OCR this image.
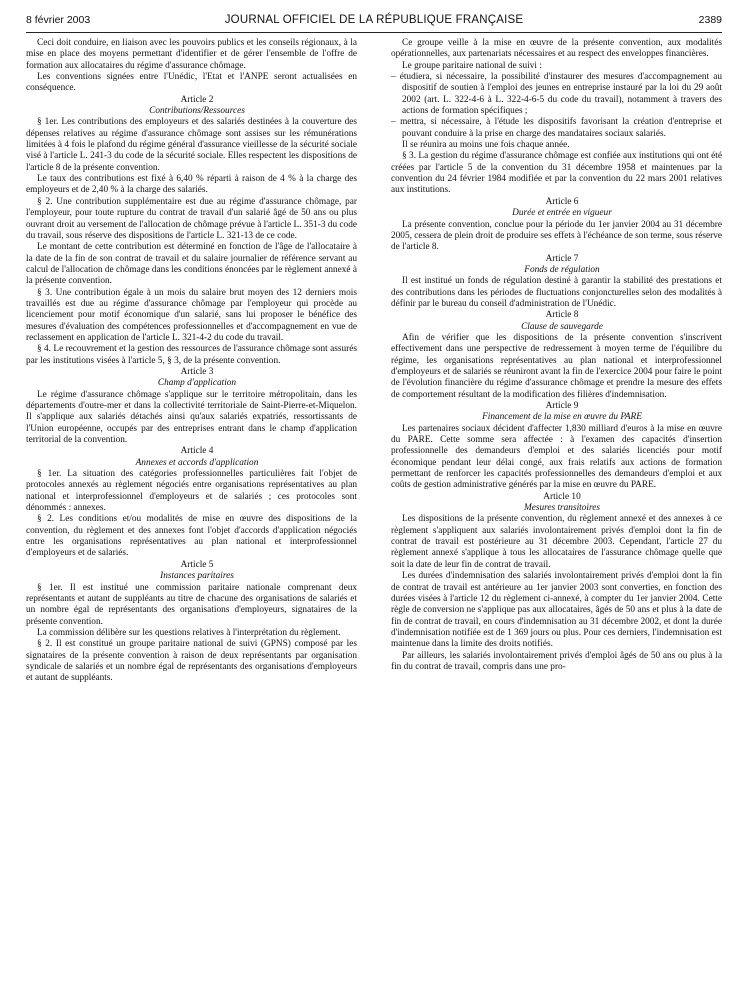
8 février 2003	JOURNAL OFFICIEL DE LA RÉPUBLIQUE FRANÇAISE	2389

Ceci doit conduire, en liaison avec les pouvoirs publics et les conseils régionaux, à la mise en place des moyens permettant d'identifier et de gérer l'ensemble de l'offre de formation aux allocataires du régime d'assurance chômage.

Les conventions signées entre l'Unédic, l'Etat et l'ANPE seront actualisées en conséquence.

Article 2

Contributions/Ressources

§ 1er. Les contributions des employeurs et des salariés destinées à la couverture des dépenses relatives au régime d'assurance chômage sont assises sur les rémunérations limitées à 4 fois le plafond du régime général d'assurance vieillesse de la sécurité sociale visé à l'article L. 241-3 du code de la sécurité sociale. Elles respectent les dispositions de l'article 8 de la présente convention.

Le taux des contributions est fixé à 6,40 % réparti à raison de 4 % à la charge des employeurs et de 2,40 % à la charge des salariés.

§ 2. Une contribution supplémentaire est due au régime d'assurance chômage, par l'employeur, pour toute rupture du contrat de travail d'un salarié âgé de 50 ans ou plus ouvrant droit au versement de l'allocation de chômage prévue à l'article L. 351-3 du code du travail, sous réserve des dispositions de l'article L. 321-13 de ce code.

Le montant de cette contribution est déterminé en fonction de l'âge de l'allocataire à la date de la fin de son contrat de travail et du salaire journalier de référence servant au calcul de l'allocation de chômage dans les conditions énoncées par le règlement annexé à la présente convention.

§ 3. Une contribution égale à un mois du salaire brut moyen des 12 derniers mois travaillés est due au régime d'assurance chômage par l'employeur qui procède au licenciement pour motif économique d'un salarié, sans lui proposer le bénéfice des mesures d'évaluation des compétences professionnelles et d'accompagnement en vue de reclassement en application de l'article L. 321-4-2 du code du travail.

§ 4. Le recouvrement et la gestion des ressources de l'assurance chômage sont assurés par les institutions visées à l'article 5, § 3, de la présente convention.

Article 3

Champ d'application

Le régime d'assurance chômage s'applique sur le territoire métropolitain, dans les départements d'outre-mer et dans la collectivité territoriale de Saint-Pierre-et-Miquelon. Il s'applique aux salariés détachés ainsi qu'aux salariés expatriés, ressortissants de l'Union européenne, occupés par des entreprises entrant dans le champ d'application territorial de la convention.

Article 4

Annexes et accords d'application

§ 1er. La situation des catégories professionnelles particulières fait l'objet de protocoles annexés au règlement négociés entre organisations représentatives au plan national et interprofessionnel d'employeurs et de salariés ; ces protocoles sont dénommés : annexes.

§ 2. Les conditions et/ou modalités de mise en œuvre des dispositions de la convention, du règlement et des annexes font l'objet d'accords d'application négociés entre les organisations représentatives au plan national et interprofessionnel d'employeurs et de salariés.

Article 5

Instances paritaires

§ 1er. Il est institué une commission paritaire nationale comprenant deux représentants et autant de suppléants au titre de chacune des organisations de salariés et un nombre égal de représentants des organisations d'employeurs, signataires de la présente convention.

La commission délibère sur les questions relatives à l'interprétation du règlement.

§ 2. Il est constitué un groupe paritaire national de suivi (GPNS) composé par les signataires de la présente convention à raison de deux représentants par organisation syndicale de salariés et un nombre égal de représentants des organisations d'employeurs et autant de suppléants.

Ce groupe veille à la mise en œuvre de la présente convention, aux modalités opérationnelles, aux partenariats nécessaires et au respect des enveloppes financières.

Le groupe paritaire national de suivi :

– étudiera, si nécessaire, la possibilité d'instaurer des mesures d'accompagnement au dispositif de soutien à l'emploi des jeunes en entreprise instauré par la loi du 29 août 2002 (art. L. 322-4-6 à L. 322-4-6-5 du code du travail), notamment à travers des actions de formation spécifiques ;

– mettra, si nécessaire, à l'étude les dispositifs favorisant la création d'entreprise et pouvant conduire à la prise en charge des mandataires sociaux salariés.

Il se réunira au moins une fois chaque année.

§ 3. La gestion du régime d'assurance chômage est confiée aux institutions qui ont été créées par l'article 5 de la convention du 31 décembre 1958 et maintenues par la convention du 24 février 1984 modifiée et par la convention du 22 mars 2001 relatives aux institutions.

Article 6

Durée et entrée en vigueur

La présente convention, conclue pour la période du 1er janvier 2004 au 31 décembre 2005, cessera de plein droit de produire ses effets à l'échéance de son terme, sous réserve de l'article 8.

Article 7

Fonds de régulation

Il est institué un fonds de régulation destiné à garantir la stabilité des prestations et des contributions dans les périodes de fluctuations conjoncturelles selon des modalités à définir par le bureau du conseil d'administration de l'Unédic.

Article 8

Clause de sauvegarde

Afin de vérifier que les dispositions de la présente convention s'inscrivent effectivement dans une perspective de redressement à moyen terme de l'équilibre du régime, les organisations représentatives au plan national et interprofessionnel d'employeurs et de salariés se réuniront avant la fin de l'exercice 2004 pour faire le point de l'évolution financière du régime d'assurance chômage et prendre la mesure des effets de comportement résultant de la modification des filières d'indemnisation.

Article 9

Financement de la mise en œuvre du PARE

Les partenaires sociaux décident d'affecter 1,830 milliard d'euros à la mise en œuvre du PARE. Cette somme sera affectée : à l'examen des capacités d'insertion professionnelle des demandeurs d'emploi et des salariés licenciés pour motif économique pendant leur délai congé, aux frais relatifs aux actions de formation permettant de renforcer les capacités professionnelles des demandeurs d'emploi et aux coûts de gestion administrative générés par la mise en œuvre du PARE.

Article 10

Mesures transitoires

Les dispositions de la présente convention, du règlement annexé et des annexes à ce règlement s'appliquent aux salariés involontairement privés d'emploi dont la fin de contrat de travail est postérieure au 31 décembre 2003. Cependant, l'article 27 du règlement annexé s'applique à tous les allocataires de l'assurance chômage quelle que soit la date de leur fin de contrat de travail.

Les durées d'indemnisation des salariés involontairement privés d'emploi dont la fin de contrat de travail est antérieure au 1er janvier 2003 sont converties, en fonction des durées visées à l'article 12 du règlement ci-annexé, à compter du 1er janvier 2004. Cette règle de conversion ne s'applique pas aux allocataires, âgés de 50 ans et plus à la date de fin de contrat de travail, en cours d'indemnisation au 31 décembre 2002, et dont la durée d'indemnisation notifiée est de 1 369 jours ou plus. Pour ces derniers, l'indemnisation est maintenue dans la limite des droits notifiés.

Par ailleurs, les salariés involontairement privés d'emploi âgés de 50 ans ou plus à la fin du contrat de travail, compris dans une pro-
